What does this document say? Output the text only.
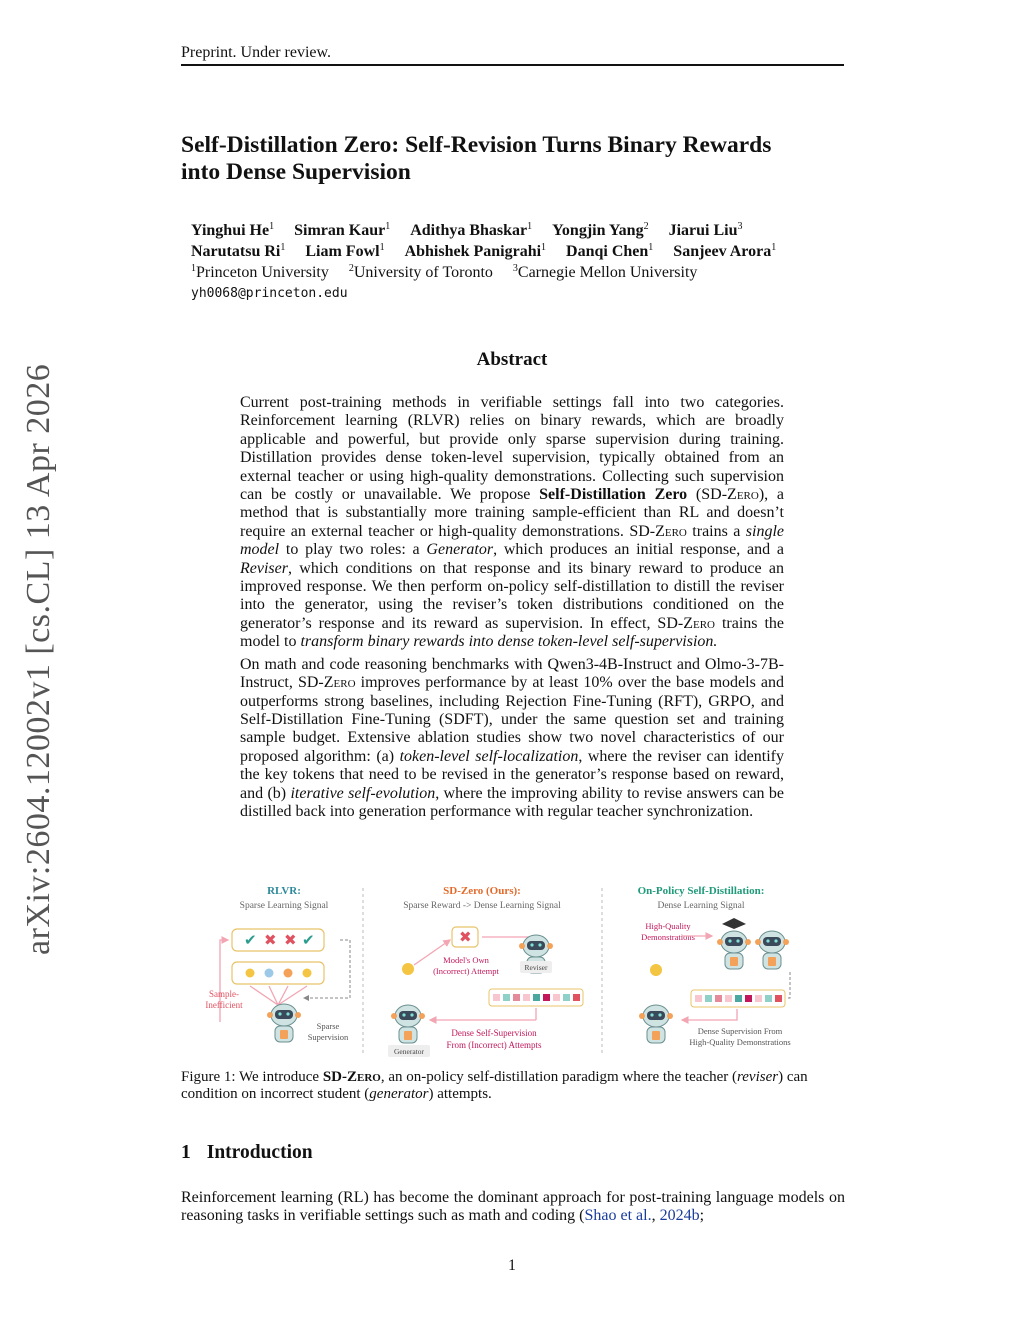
Preprint. Under review.
arXiv:2604.12002v1 [cs.CL] 13 Apr 2026
Self-Distillation Zero: Self-Revision Turns Binary Rewards
into Dense Supervision
Yinghui He$^1$ Simran Kaur$^1$ Adithya Bhaskar$^1$ Yongjin Yang$^2$ Jiarui Liu$^3$
Narutatsu Ri$^1$ Liam Fowl$^1$ Abhishek Panigrahi$^1$ Danqi Chen$^1$ Sanjeev Arora$^1$
$^1$Princeton University $^2$University of Toronto $^3$Carnegie Mellon University
yh0068@princeton.edu
Abstract

Current post-training methods in verifiable settings fall into two categories. Reinforcement learning (RLVR) relies on binary rewards, which are broadly applicable and powerful, but provide only sparse supervision during training. Distillation provides dense token-level supervision, typically obtained from an external teacher or using high-quality demonstrations. Collecting such supervision can be costly or unavailable. We propose Self-Distillation Zero (SD-Zero), a method that is substantially more training sample-efficient than RL and doesn’t require an external teacher or high-quality demonstrations. SD-Zero trains a single model to play two roles: a Generator, which produces an initial response, and a Reviser, which conditions on that response and its binary reward to produce an improved response. We then perform on-policy self-distillation to distill the reviser into the generator, using the reviser’s token distributions conditioned on the generator’s response and its reward as supervision. In effect, SD-Zero trains the model to transform binary rewards into dense token-level self-supervision.

On math and code reasoning benchmarks with Qwen3-4B-Instruct and Olmo-3-7B-Instruct, SD-Zero improves performance by at least 10% over the base models and outperforms strong baselines, including Rejection Fine-Tuning (RFT), GRPO, and Self-Distillation Fine-Tuning (SDFT), under the same question set and training sample budget. Extensive ablation studies show two novel characteristics of our proposed algorithm: (a) token-level self-localization, where the reviser can identify the key tokens that need to be revised in the generator’s response based on reward, and (b) iterative self-evolution, where the improving ability to revise answers can be distilled back into generation performance with regular teacher synchronization.

RLVR:
Sparse Learning Signal
✔ ✖ ✖ ✔
Sample-
Inefficient
Sparse
Supervision
SD-Zero (Ours):
Sparse Reward -> Dense Learning Signal
✖
Model's Own
(Incorrect) Attempt	Reviser
Generator
Dense Self-Supervision
From (Incorrect) Attempts
On-Policy Self-Distillation:
Dense Learning Signal
High-Quality
Demonstrations
Dense Supervision From
High-Quality Demonstrations
Figure 1: We introduce SD-Zero, an on-policy self-distillation paradigm where the teacher (reviser) can condition on incorrect student (generator) attempts.
1 Introduction

Reinforcement learning (RL) has become the dominant approach for post-training language models on reasoning tasks in verifiable settings such as math and coding (Shao et al., 2024b;

1
